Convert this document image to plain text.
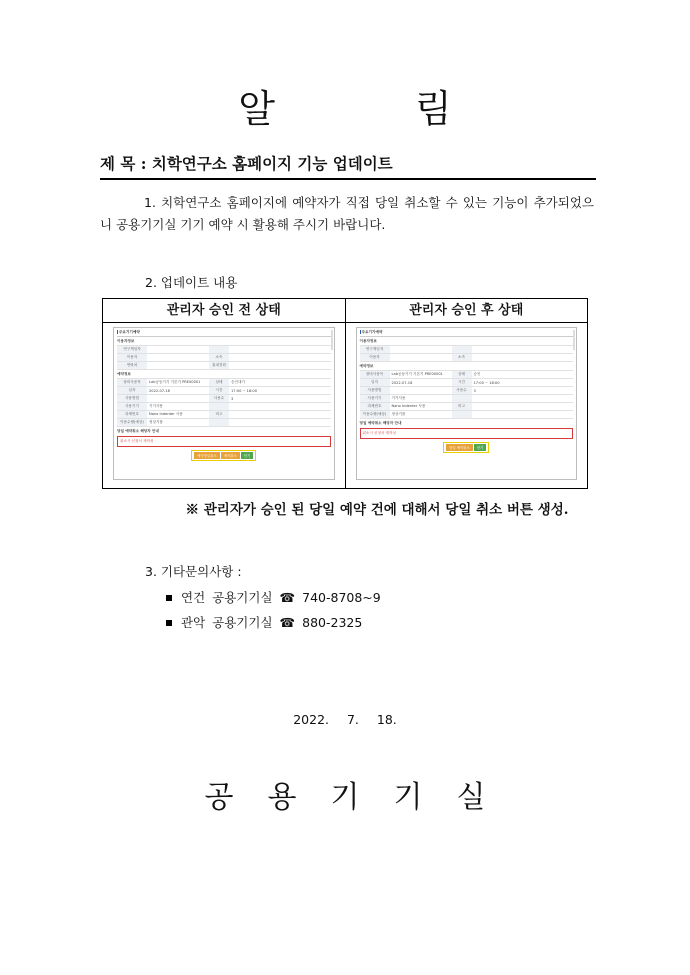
알 림
제 목 : 치학연구소 홈페이지 기능 업데이트
1. 치학연구소 홈페이지에 예약자가 직접 당일 취소할 수 있는 기능이 추가되었으니 공용기기실 기기 예약 시 활용해 주시기 바랍니다.
2. 업데이트 내용
관리자 승인 전 상태
주요기기예약
이용자정보
연구책임자
이용자	소속
연락처	휴대전화
예약정보
장비사용목	Lab공동기기 기본기 PRE00001	상태	승인대기
일자	2022-07-18	시간	17:00 ~ 18:00
사용방법	사용수	3
사용기기	기기사용
과제번호	Nano Indenter 사용	비고
이용수량(예상)	정상기품
당일 예약취소 해당자 안내
취소시 신청서 재작성
예약당일취소	예약취소	닫기
관리자 승인 후 상태
주요기기예약
이용자정보
연구책임자
이용자	소속
예약정보
장비사용목	Lab공동기기 기본기 PRE00001	상태	승인
일자	2022-07-18	시간	17:00 ~ 18:00
사용방법	사용수	3
사용기기	기기사용
과제번호	Nano Indenter 사용	비고
이용수량(예상)	정상기품
당일 예약취소 해당자 안내
취소시 신청서 재작성
당일 예약취소	닫기
※ 관리자가 승인 된 당일 예약 건에 대해서 당일 취소 버튼 생성.
3. 기타문의사항 :
연건 공용기기실 ☎ 740-8708~9
관악 공용기기실 ☎ 880-2325
2022. 7. 18.
공용기기실
